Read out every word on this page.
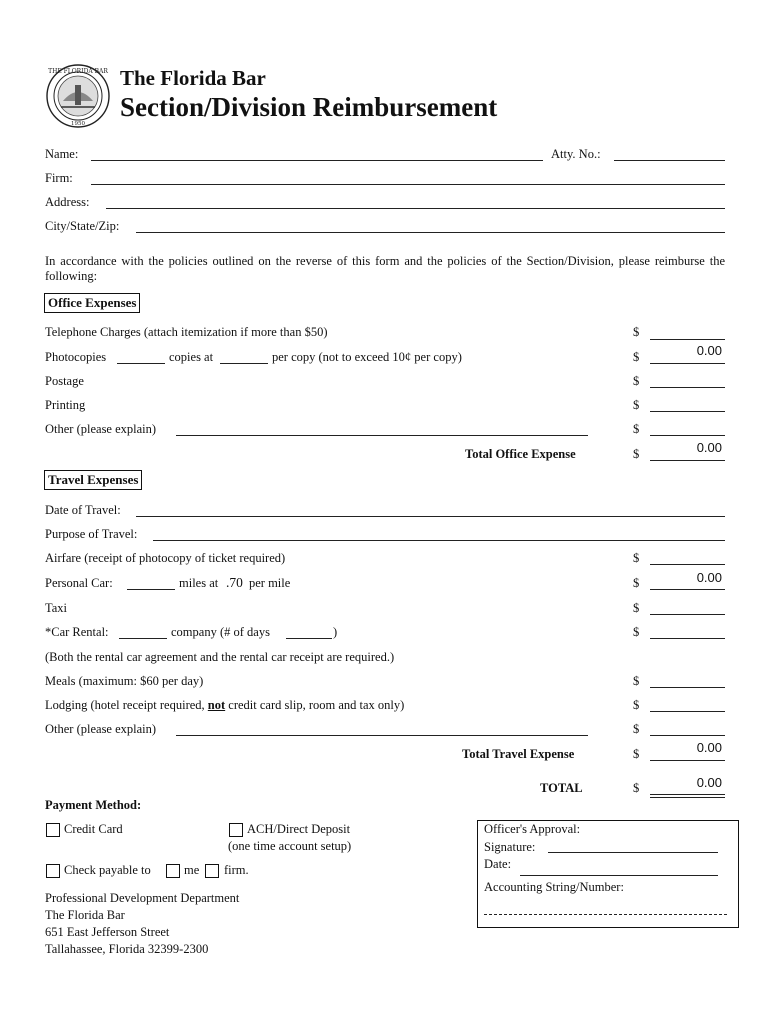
THE FLORIDA BAR
1950
The Florida Bar
Section/Division Reimbursement
Name:	Atty. No.:
Firm:
Address:
City/State/Zip:
In accordance with the policies outlined on the reverse of this form and the policies of the Section/Division, please reimburse the following:
Office Expenses
Telephone Charges (attach itemization if more than $50)	$
Photocopies	copies at	per copy (not to exceed 10¢ per copy)	$	0.00
Postage	$
Printing	$
Other (please explain)	$
Total Office Expense	$	0.00
Travel Expenses
Date of Travel:
Purpose of Travel:
Airfare (receipt of photocopy of ticket required)	$
Personal Car:	miles at .70 per mile	$	0.00
Taxi	$
*Car Rental:	company (# of days	)	$
(Both the rental car agreement and the rental car receipt are required.)
Meals (maximum: $60 per day)	$
Lodging (hotel receipt required, not credit card slip, room and tax only)	$
Other (please explain)	$
Total Travel Expense	$	0.00
TOTAL	$	0.00
Payment Method:
Credit Card	ACH/Direct Deposit
(one time account setup)
Check payable to	me firm.
Professional Development Department
The Florida Bar
651 East Jefferson Street
Tallahassee, Florida 32399-2300
Officer's Approval:
Signature:
Date:
Accounting String/Number:
